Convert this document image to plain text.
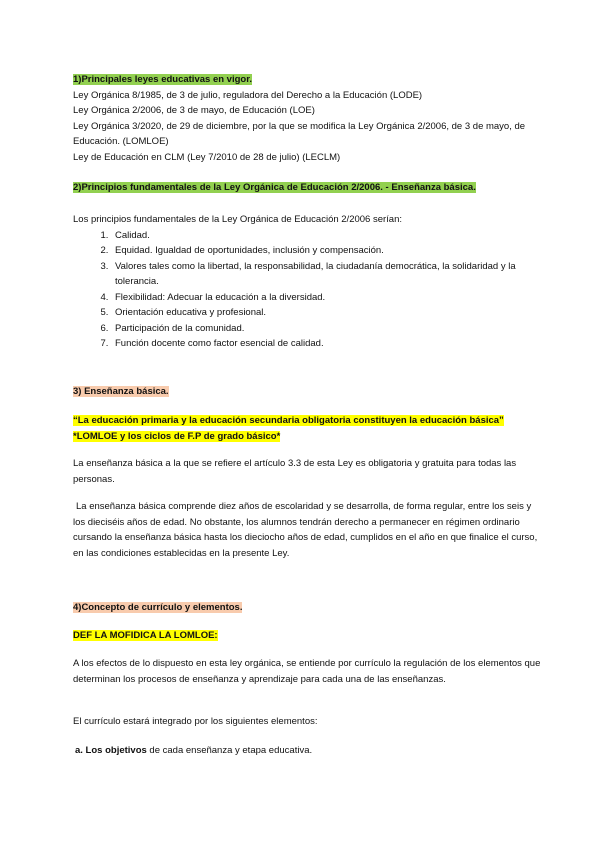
1)Principales leyes educativas en vigor.

Ley Orgánica 8/1985, de 3 de julio, reguladora del Derecho a la Educación (LODE)

Ley Orgánica 2/2006, de 3 de mayo, de Educación (LOE)

Ley Orgánica 3/2020, de 29 de diciembre, por la que se modifica la Ley Orgánica 2/2006, de 3 de mayo, de Educación. (LOMLOE)

Ley de Educación en CLM (Ley 7/2010 de 28 de julio) (LECLM)

2)Principios fundamentales de la Ley Orgánica de Educación 2/2006. - Enseñanza básica.

Los principios fundamentales de la Ley Orgánica de Educación 2/2006 serían:

1. Calidad.
2. Equidad. Igualdad de oportunidades, inclusión y compensación.
3. Valores tales como la libertad, la responsabilidad, la ciudadanía democrática, la solidaridad y la tolerancia.
4. Flexibilidad: Adecuar la educación a la diversidad.
5. Orientación educativa y profesional.
6. Participación de la comunidad.
7. Función docente como factor esencial de calidad.

3) Enseñanza básica.

“La educación primaria y la educación secundaria obligatoria constituyen la educación básica”

*LOMLOE y los ciclos de F.P de grado básico*

La enseñanza básica a la que se refiere el artículo 3.3 de esta Ley es obligatoria y gratuita para todas las personas.

La enseñanza básica comprende diez años de escolaridad y se desarrolla, de forma regular, entre los seis y los dieciséis años de edad. No obstante, los alumnos tendrán derecho a permanecer en régimen ordinario cursando la enseñanza básica hasta los dieciocho años de edad, cumplidos en el año en que finalice el curso, en las condiciones establecidas en la presente Ley.

4)Concepto de currículo y elementos.

DEF LA MOFIDICA LA LOMLOE:

A los efectos de lo dispuesto en esta ley orgánica, se entiende por currículo la regulación de los elementos que determinan los procesos de enseñanza y aprendizaje para cada una de las enseñanzas.

El currículo estará integrado por los siguientes elementos:

a. Los objetivos de cada enseñanza y etapa educativa.
